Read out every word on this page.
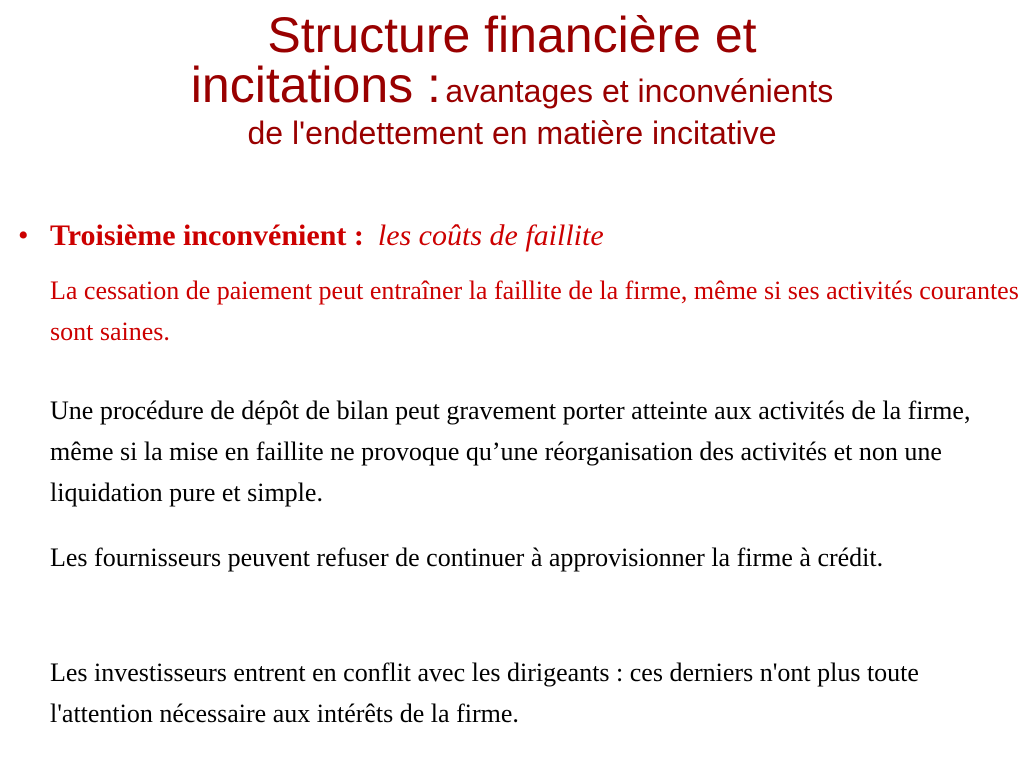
Structure financière et
incitations : avantages et inconvénients
de l'endettement en matière incitative
• Troisième inconvénient : les coûts de faillite

La cessation de paiement peut entraîner la faillite de la firme, même si ses activités courantes sont saines.

Une procédure de dépôt de bilan peut gravement porter atteinte aux activités de la firme, même si la mise en faillite ne provoque qu’une réorganisation des activités et non une liquidation pure et simple.

Les fournisseurs peuvent refuser de continuer à approvisionner la firme à crédit.

Les investisseurs entrent en conflit avec les dirigeants : ces derniers n'ont plus toute l'attention nécessaire aux intérêts de la firme.
